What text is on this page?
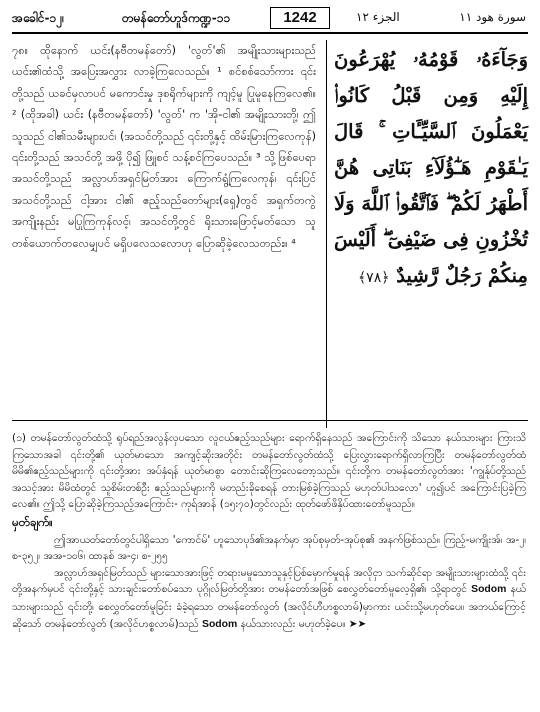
အခေါင်-၁၂၊	တမန်တော်ဟူဒ်ကဏ္ဍ-၁၁	1242	الجزء ١٢	سورة هود ١١

၇၈။ ထိုနောက် ယင်း(နဗီတမန်တော်) 'လွတ်'၏ အမျိုးသားများသည် ယင်း၏ထံသို့ အပြေးအလွှား လာခဲ့ကြလေသည်။ ¹ စင်စစ်သော်ကား ၎င်းတို့သည် ယခင်မှလာပင် မကောင်းမှု ဒုစရိုက်များကို ကျင့်မူ ပြုမူနေကြလေ၏။ ² (ထိုအခါ) ယင်း (နဗီတမန်တော်) 'လွတ်' က 'အို-ငါ၏ အမျိုးသားတို့၊ ဤသူသည် ငါ၏သမီးများပင်၊ (အသင်တို့သည် ၎င်းတို့နှင့် ထိမ်းမြားကြလေကုန်) ၎င်းတို့သည် အသင်တို့ အဖို့ ပို၍ ဖြူစင် သန့်စင်ကြပေသည်။ ³ သို့ဖြစ်ပေရာ အသင်တို့သည် အလ္လာဟ်အရှင်မြတ်အား ကြောက်ရွံ့ကြလေကုန်၊ ၎င်းပြင် အသင်တို့သည် ငါ့အား ငါ၏ ဧည့်သည်တော်များ(ရှေ့)တွင် အရှက်တကွဲ အကျိုးနည်း မပြုကြကုန်လင့်၊ အသင်တို့တွင် ရိုးသားဖြောင့်မတ်သော သူ တစ်ယောက်တလေမျှပင် မရှိပလေသလောဟု ပြောဆိုခဲ့လေသတည်း။ ⁴

وَجَآءَهُۥ قَوْمُهُۥ يُهْرَعُونَ إِلَيْهِ وَمِن قَبْلُ كَانُوا۟ يَعْمَلُونَ ٱلسَّيِّـَٔاتِ ۚ قَالَ يَـٰقَوْمِ هَـٰٓؤُلَآءِ بَنَاتِى هُنَّ أَطْهَرُ لَكُمْ ۖ فَٱتَّقُوا۟ ٱللَّهَ وَلَا تُخْزُونِ فِى ضَيْفِىٓ ۖ أَلَيْسَ مِنكُمْ رَجُلٌ رَّشِيدٌ ﴿٧٨﴾

(၁) တမန်တော်လွတ်ထံသို့ ရုပ်ရည်အလွန်လှပသော လူငယ်ဧည့်သည်များ ရောက်ရှိနေသည် အကြောင်းကို သိသော နယ်သားများ ကြားသိကြသောအခါ ၎င်းတို့၏ ယုတ်မာသော အကျင့်ဆိုးအတိုင်း တမန်တော်လွတ်ထံသို့ ပြေးလွှားရောက်ရှိလာကြပြီး တမန်တော်လွတ်ထံ မိမိ၏ဧည့်သည်များကို ၎င်းတို့အား အပ်နှံရန် ယုတ်မာစွာ တောင်းဆိုကြလေတော့သည်။ ၎င်းတို့က တမန်တော်လွတ်အား 'ကျွန်ုပ်တို့သည် အသင့်အား မိမိထံတွင် သူစိမ်းတစ်ဦး ဧည့်သည်များကို မတည်းခိုစေရန် တားမြစ်ခဲ့ကြသည် မဟုတ်ပါသလော' ဟူ၍ပင် အကြောင်းပြခဲ့ကြလေ၏။ ဤသို့ ပြောဆိုခဲ့ကြသည့်အကြောင်း- ကုရ်အာန် (၁၅း၇၀)တွင်လည်း ထုတ်ဖော်ဖိနှိပ်ထားတော်မူသည်။

မှတ်ချက်။

ဤအာယတ်တော်တွင်ပါရှိသော 'ကောင်မ်' ဟူသောပုဒ်၏အနက်မှာ အုပ်စုမှတ်-အုပ်စု၏ အနက်ဖြစ်သည်။ ကြည့်-မကျိုးအ်၊ အ-၂၊ စ-၃၅၂၊ အအ-၁၀၆၊ ထာနစ် အ-၄၊ စ-၂၅၅

အလ္လာဟ်အရှင်မြတ်သည် များသောအားဖြင့် တရားမမှုသောသူနှင့်ပြစ်မှောက်မှုရန် အလိုငှာ သက်ဆိုင်ရာ အမျိုးသားများထံသို့ ၎င်းတို့အနက်မှပင် ၎င်းတို့နှင့် သားချင်းတော်စပ်သော ပုဂ္ဂိုလ်မြတ်တို့အား တမန်တော်အဖြစ် စေလွှတ်တော်မူလေ့ရှိ၏၊ သို့ရာတွင် Sodom နယ်သားများသည် ၎င်းတို့၊ စေလွှတ်တော်မူခြင်း ခံခဲ့ရသော တမန်တော်လွတ် (အလိုင်ဟီဟစ္စလာမ်)မှာကား ယင်းသို့မဟုတ်ပေ။ အဘယ်ကြောင့်ဆိုသော် တမန်တော်လွတ် (အလိုင်ဟစ္စလာမ်)သည် Sodom နယ်သားလည်း မဟုတ်ခဲ့ပေ။ ➤➤
